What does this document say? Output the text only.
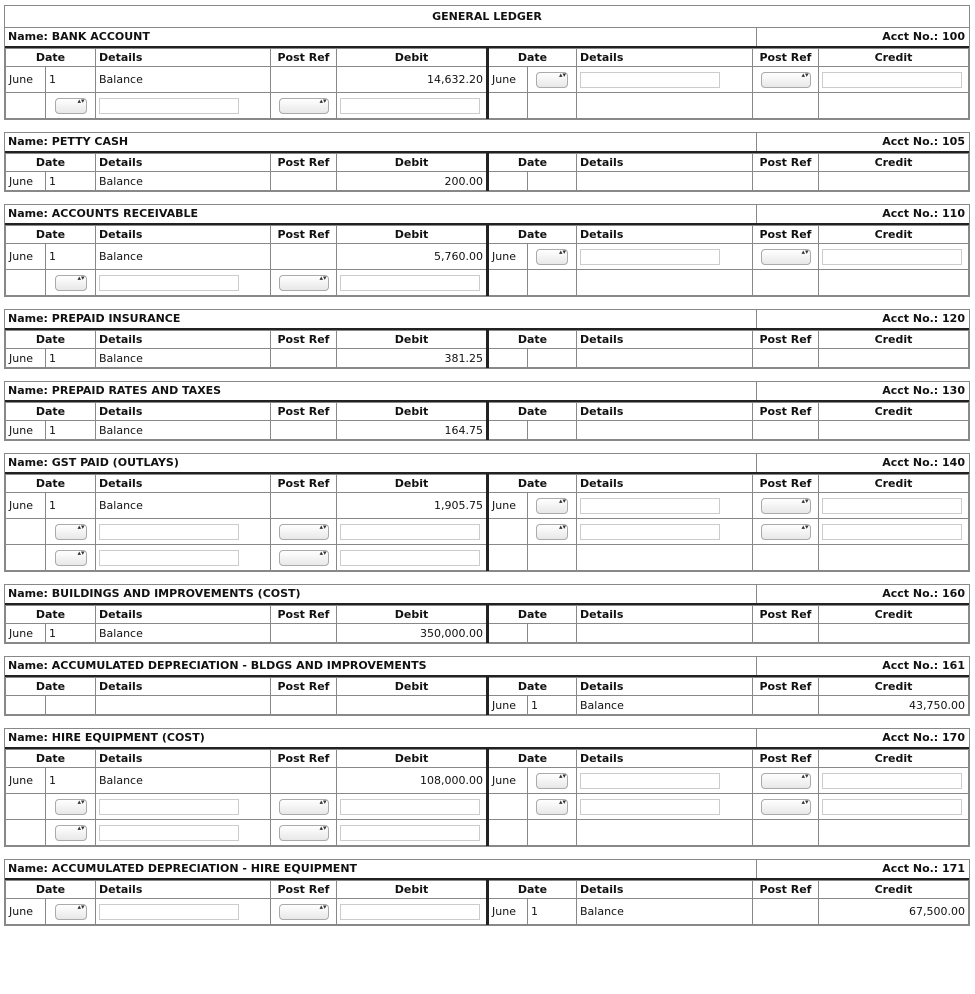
GENERAL LEDGER
Name: BANK ACCOUNT	Acct No.: 100
Date		Details	Post Ref	Debit	Date		Details	Post Ref	Credit
June	1	Balance		14,632.20	June	▴▾		▴▾	
	▴▾		▴▾						
Name: PETTY CASH	Acct No.: 105
Date		Details	Post Ref	Debit	Date		Details	Post Ref	Credit
June	1	Balance		200.00					
Name: ACCOUNTS RECEIVABLE	Acct No.: 110
Date		Details	Post Ref	Debit	Date		Details	Post Ref	Credit
June	1	Balance		5,760.00	June	▴▾		▴▾	
	▴▾		▴▾						
Name: PREPAID INSURANCE	Acct No.: 120
Date		Details	Post Ref	Debit	Date		Details	Post Ref	Credit
June	1	Balance		381.25					
Name: PREPAID RATES AND TAXES	Acct No.: 130
Date		Details	Post Ref	Debit	Date		Details	Post Ref	Credit
June	1	Balance		164.75					
Name: GST PAID (OUTLAYS)	Acct No.: 140
Date		Details	Post Ref	Debit	Date		Details	Post Ref	Credit
June	1	Balance		1,905.75	June	▴▾		▴▾	
	▴▾		▴▾			▴▾		▴▾	
	▴▾		▴▾						
Name: BUILDINGS AND IMPROVEMENTS (COST)	Acct No.: 160
Date		Details	Post Ref	Debit	Date		Details	Post Ref	Credit
June	1	Balance		350,000.00					
Name: ACCUMULATED DEPRECIATION - BLDGS AND IMPROVEMENTS	Acct No.: 161
Date		Details	Post Ref	Debit	Date		Details	Post Ref	Credit
					June	1	Balance		43,750.00
Name: HIRE EQUIPMENT (COST)	Acct No.: 170
Date		Details	Post Ref	Debit	Date		Details	Post Ref	Credit
June	1	Balance		108,000.00	June	▴▾		▴▾	
	▴▾		▴▾			▴▾		▴▾	
	▴▾		▴▾						
Name: ACCUMULATED DEPRECIATION - HIRE EQUIPMENT	Acct No.: 171
Date		Details	Post Ref	Debit	Date		Details	Post Ref	Credit
June	▴▾		▴▾		June	1	Balance		67,500.00
